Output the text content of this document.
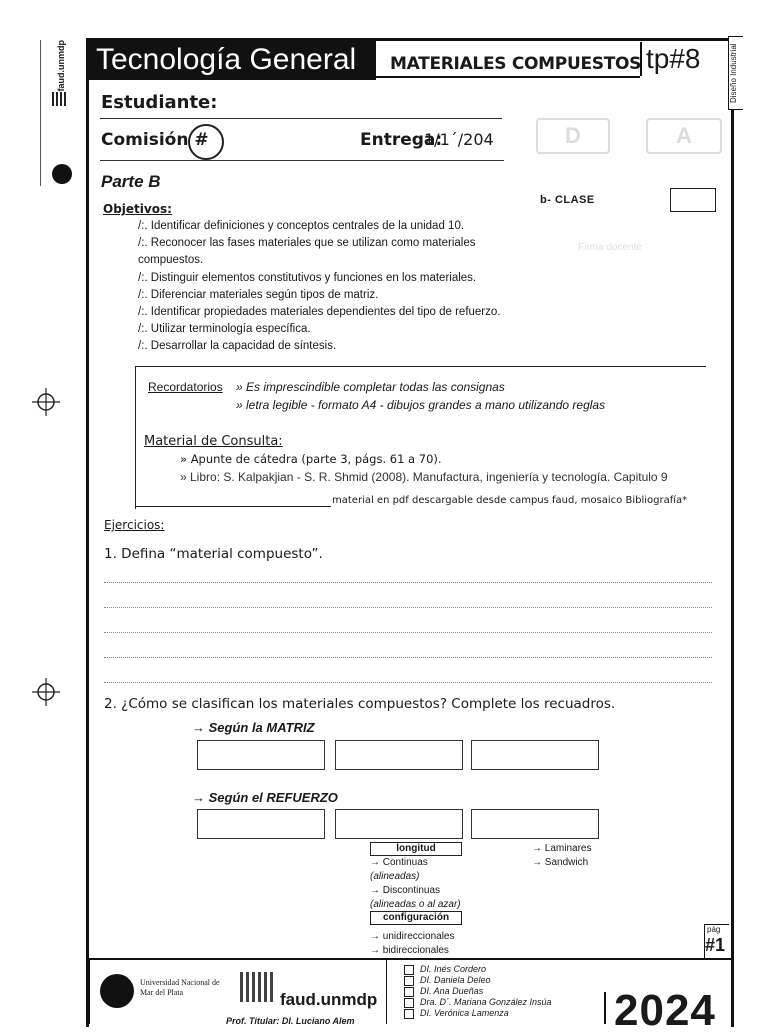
faud.unmdp	Tecnología General	MATERIALES COMPUESTOS tp#8	Diseño Industrial
Estudiante:
Comisión #	Entrega:
1/1´/204	D	A
Firma docente
Parte B
b- CLASE
Objetivos:
/:. Identificar definiciones y conceptos centrales de la unidad 10.
/:. Reconocer las fases materiales que se utilizan como materiales
compuestos.
/:. Distinguir elementos constitutivos y funciones en los materiales.
/:. Diferenciar materiales según tipos de matriz.
/:. Identificar propiedades materiales dependientes del tipo de refuerzo.
/:. Utilizar terminología específica.
/:. Desarrollar la capacidad de síntesis.
Recordatorios » Es imprescindible completar todas las consignas
» letra legible - formato A4 - dibujos grandes a mano utilizando reglas
Material de Consulta:
» Apunte de cátedra (parte 3, págs. 61 a 70).
» Libro: S. Kalpakjian - S. R. Shmid (2008). Manufactura, ingeniería y tecnología. Capitulo 9
material en pdf descargable desde campus faud, mosaico Bibliografía*
Ejercicios:
1. Defina “material compuesto”.
2. ¿Cómo se clasifican los materiales compuestos? Complete los recuadros.
→ Según la MATRIZ
→ Según el REFUERZO
longitud
→ Continuas
(alineadas)
→ Discontinuas
(alineadas o al azar)
configuración
→ unidireccionales
→ bidireccionales
→ Laminares
→ Sandwich
pág
#1
Universidad Nacional de Mar del Plata	faud.unmdp
Prof. Titular: DI. Luciano Alem
DI. Inés Cordero
DI. Daniela Deleo
DI. Ana Dueñas
Dra. D´. Mariana González Insúa
DI. Verónica Lamenza	2024
